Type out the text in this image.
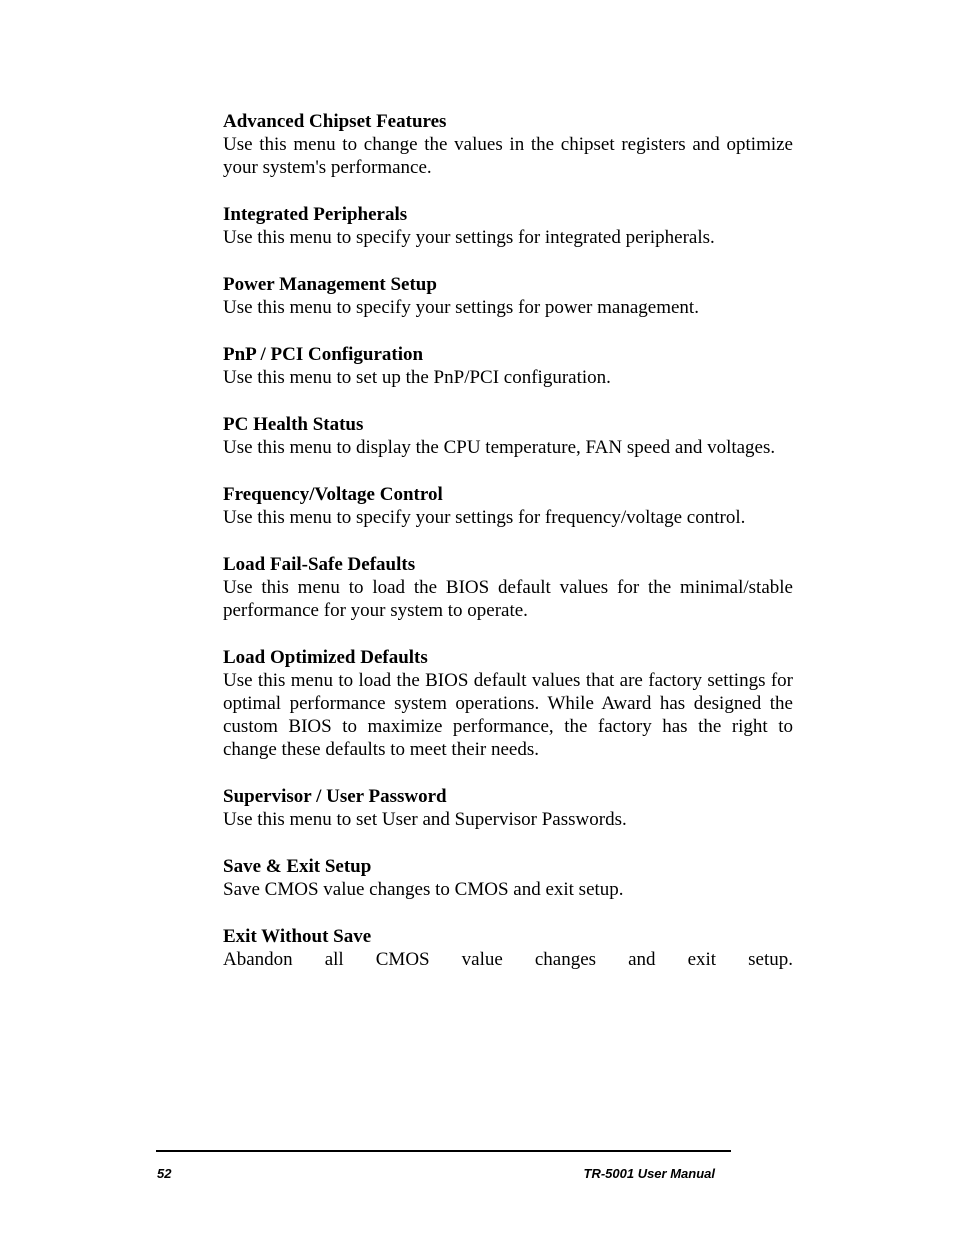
Advanced Chipset Features

Use this menu to change the values in the chipset registers and optimize your system's performance.

Integrated Peripherals

Use this menu to specify your settings for integrated peripherals.

Power Management Setup

Use this menu to specify your settings for power management.

PnP / PCI Configuration

Use this menu to set up the PnP/PCI configuration.

PC Health Status

Use this menu to display the CPU temperature, FAN speed and voltages.

Frequency/Voltage Control

Use this menu to specify your settings for frequency/voltage control.

Load Fail-Safe Defaults

Use this menu to load the BIOS default values for the minimal/stable performance for your system to operate.

Load Optimized Defaults

Use this menu to load the BIOS default values that are factory settings for optimal performance system operations. While Award has designed the custom BIOS to maximize performance, the factory has the right to change these defaults to meet their needs.

Supervisor / User Password

Use this menu to set User and Supervisor Passwords.

Save & Exit Setup

Save CMOS value changes to CMOS and exit setup.

Exit Without Save

Abandon all CMOS value changes and exit setup.

52	TR-5001 User Manual
